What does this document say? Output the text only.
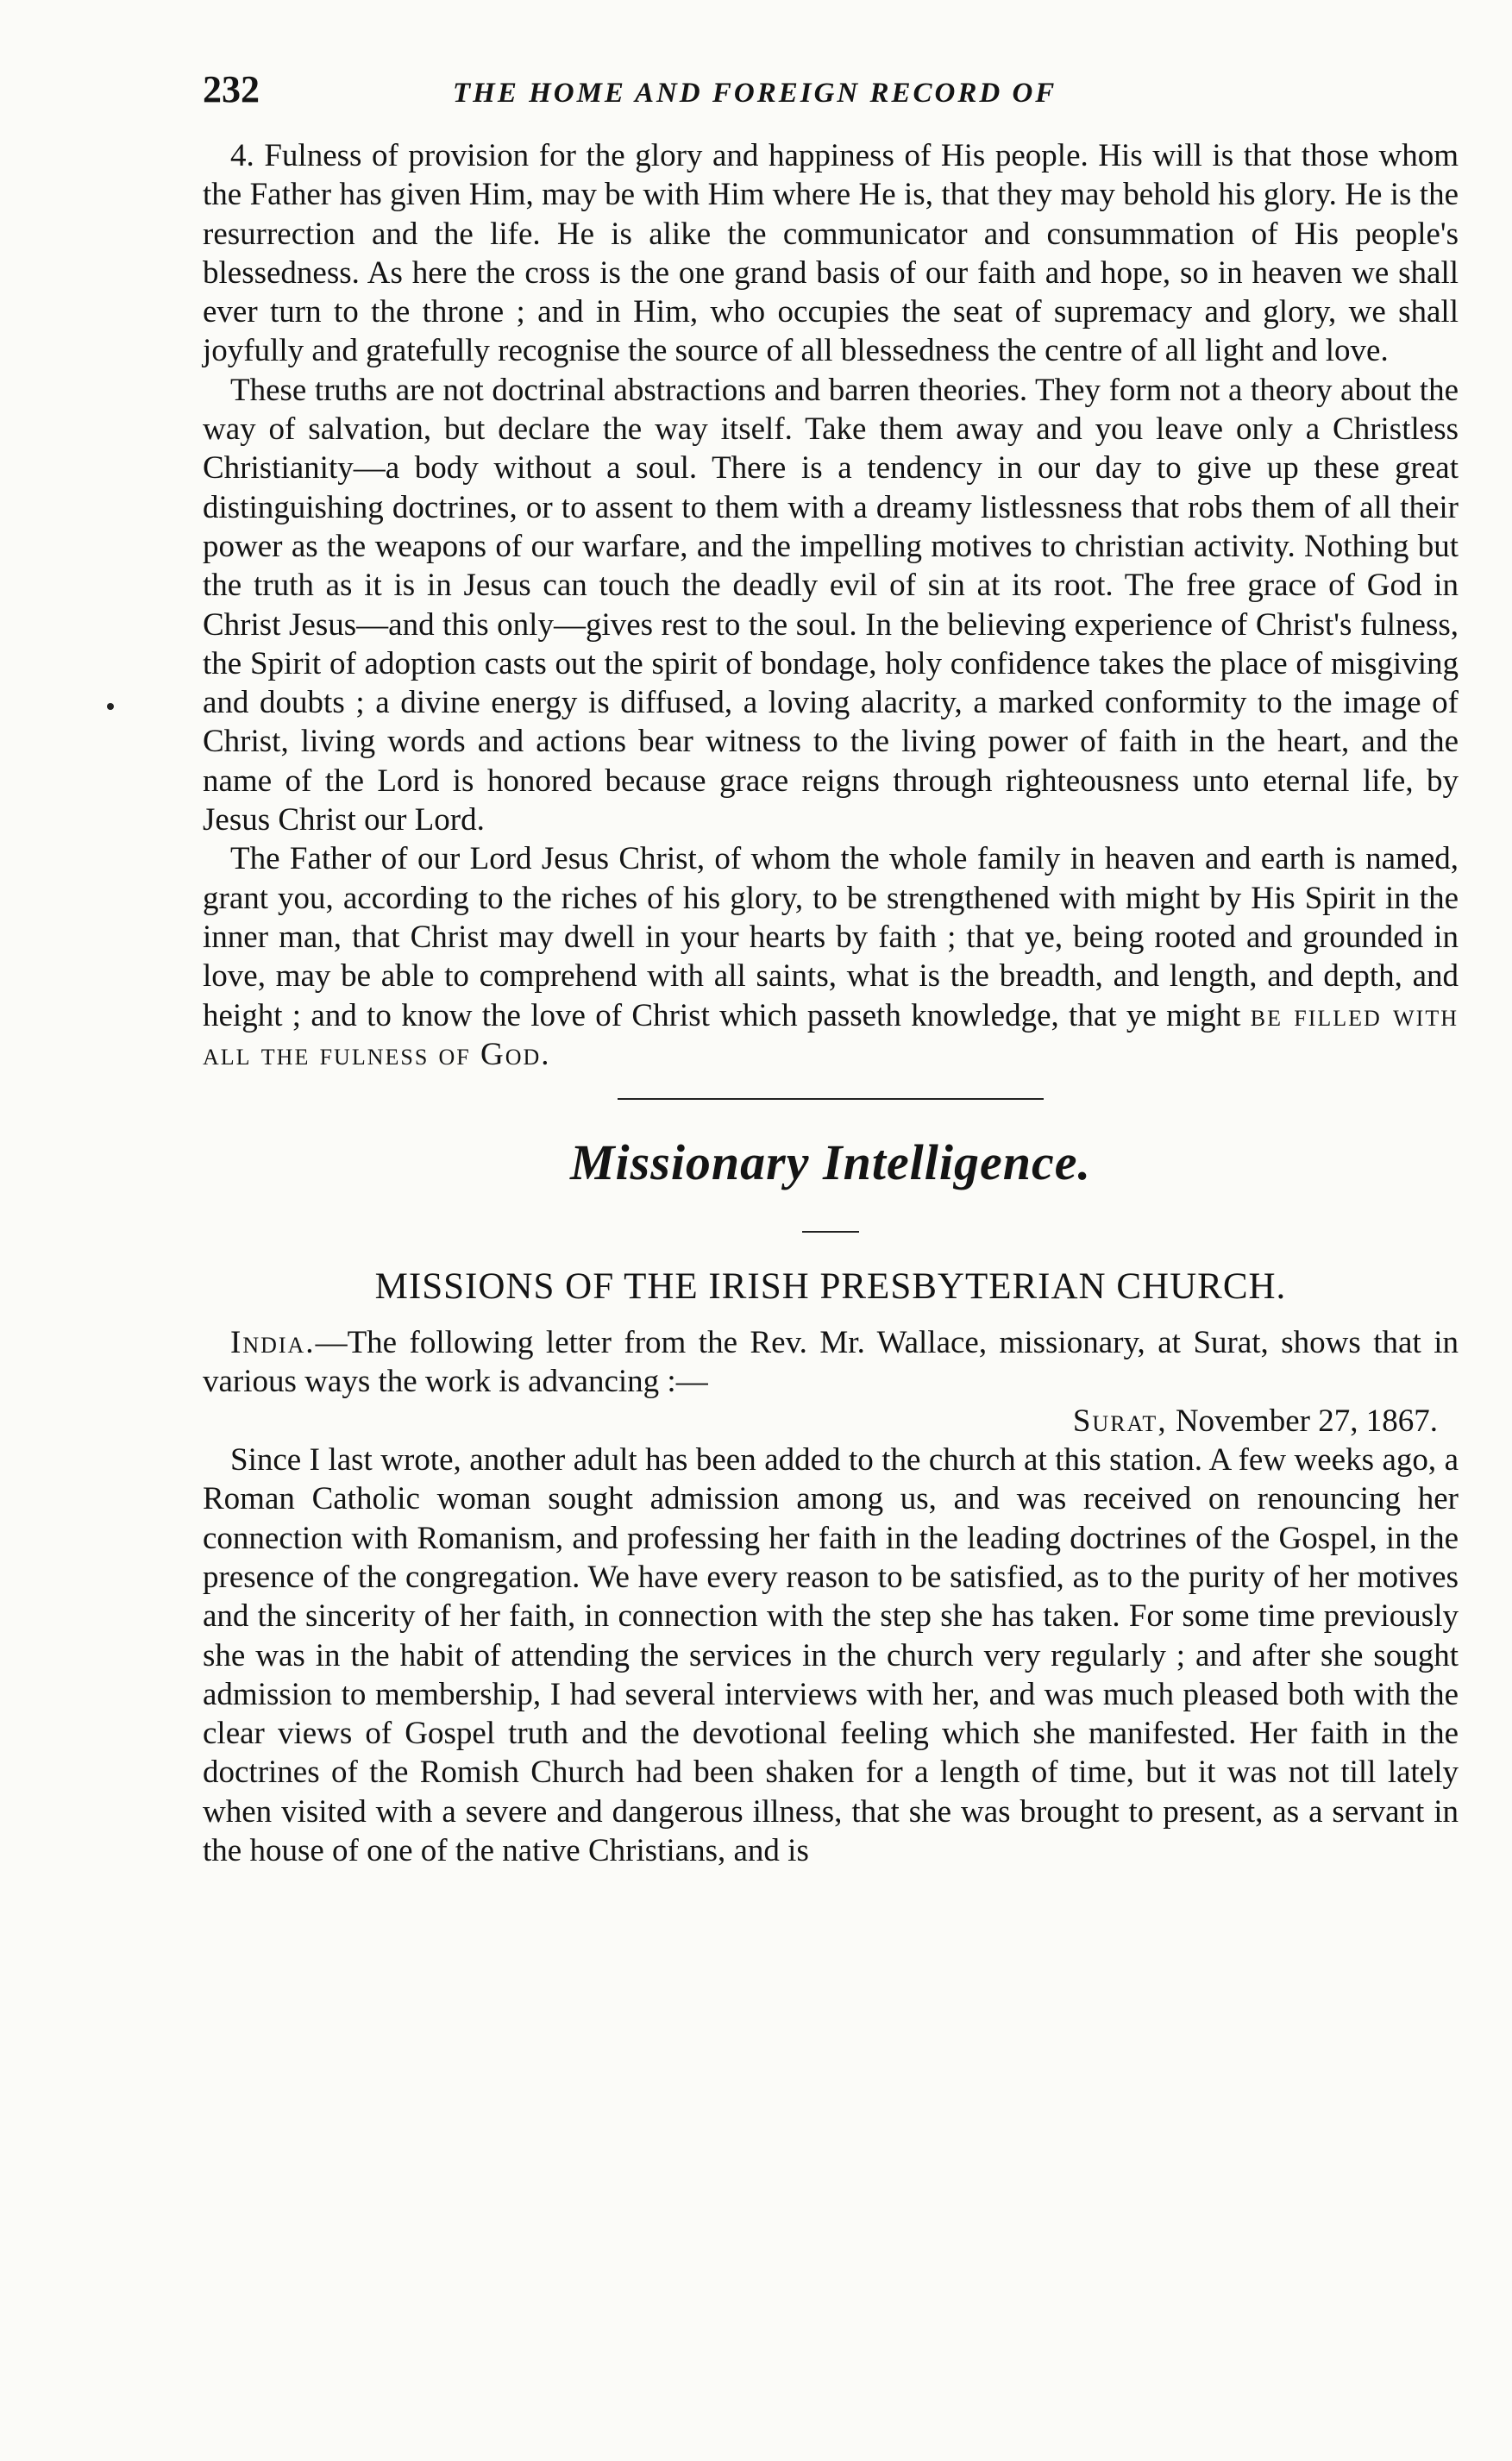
232	THE HOME AND FOREIGN RECORD OF

4. Fulness of provision for the glory and happiness of His people. His will is that those whom the Father has given Him, may be with Him where He is, that they may behold his glory. He is the resurrection and the life. He is alike the communicator and consummation of His people's blessedness. As here the cross is the one grand basis of our faith and hope, so in heaven we shall ever turn to the throne ; and in Him, who occupies the seat of supremacy and glory, we shall joyfully and gratefully recognise the source of all blessedness the centre of all light and love.

These truths are not doctrinal abstractions and barren theories. They form not a theory about the way of salvation, but declare the way itself. Take them away and you leave only a Christless Christianity—a body without a soul. There is a tendency in our day to give up these great distinguishing doctrines, or to assent to them with a dreamy listlessness that robs them of all their power as the weapons of our warfare, and the impelling motives to christian activity. Nothing but the truth as it is in Jesus can touch the deadly evil of sin at its root. The free grace of God in Christ Jesus—and this only—gives rest to the soul. In the believing experience of Christ's fulness, the Spirit of adoption casts out the spirit of bondage, holy confidence takes the place of misgiving and doubts ; a divine energy is diffused, a loving alacrity, a marked conformity to the image of Christ, living words and actions bear witness to the living power of faith in the heart, and the name of the Lord is honored because grace reigns through righteousness unto eternal life, by Jesus Christ our Lord.

The Father of our Lord Jesus Christ, of whom the whole family in heaven and earth is named, grant you, according to the riches of his glory, to be strengthened with might by His Spirit in the inner man, that Christ may dwell in your hearts by faith ; that ye, being rooted and grounded in love, may be able to comprehend with all saints, what is the breadth, and length, and depth, and height ; and to know the love of Christ which passeth knowledge, that ye might be filled with all the fulness of God.

Missionary Intelligence.
MISSIONS OF THE IRISH PRESBYTERIAN CHURCH.

India.—The following letter from the Rev. Mr. Wallace, missionary, at Surat, shows that in various ways the work is advancing :—

Surat, November 27, 1867.

Since I last wrote, another adult has been added to the church at this station. A few weeks ago, a Roman Catholic woman sought admission among us, and was received on renouncing her connection with Romanism, and professing her faith in the leading doctrines of the Gospel, in the presence of the congregation. We have every reason to be satisfied, as to the purity of her motives and the sincerity of her faith, in connection with the step she has taken. For some time previously she was in the habit of attending the services in the church very regularly ; and after she sought admission to membership, I had several interviews with her, and was much pleased both with the clear views of Gospel truth and the devotional feeling which she manifested. Her faith in the doctrines of the Romish Church had been shaken for a length of time, but it was not till lately when visited with a severe and dangerous illness, that she was brought to present, as a servant in the house of one of the native Christians, and is
